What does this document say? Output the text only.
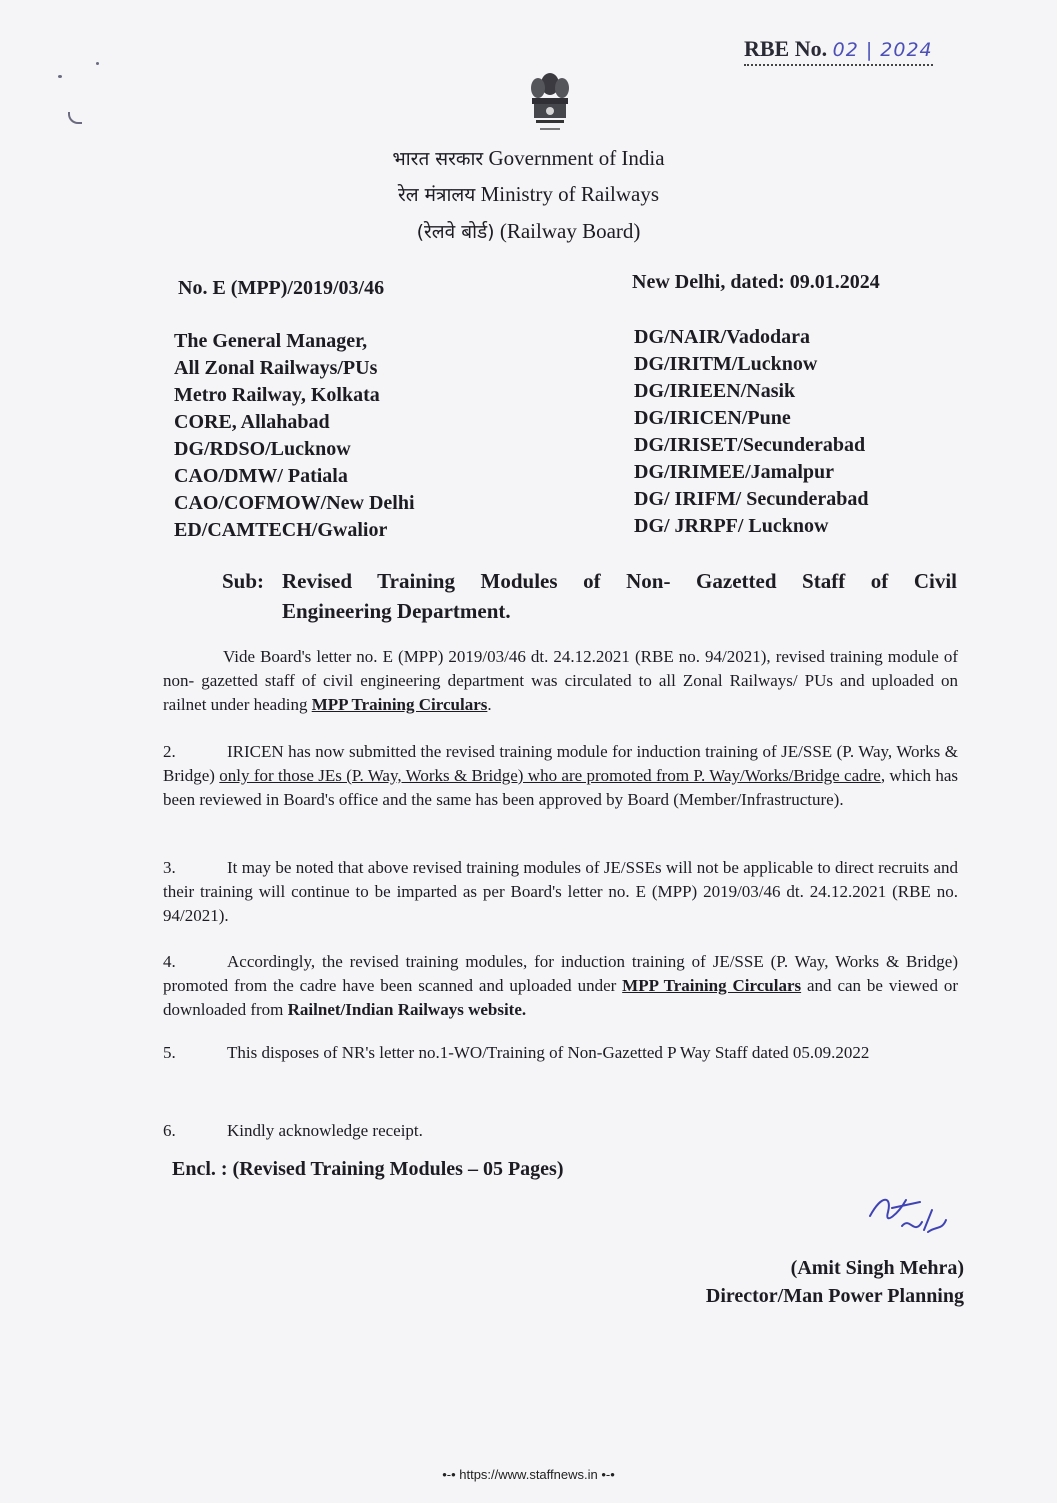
RBE No. 02 | 2024
भारत सरकार Government of India
रेल मंत्रालय Ministry of Railways
(रेलवे बोर्ड) (Railway Board)
No. E (MPP)/2019/03/46	New Delhi, dated: 09.01.2024
The General Manager,
All Zonal Railways/PUs
Metro Railway, Kolkata
CORE, Allahabad
DG/RDSO/Lucknow
CAO/DMW/ Patiala
CAO/COFMOW/New Delhi
ED/CAMTECH/Gwalior
DG/NAIR/Vadodara
DG/IRITM/Lucknow
DG/IRIEEN/Nasik
DG/IRICEN/Pune
DG/IRISET/Secunderabad
DG/IRIMEE/Jamalpur
DG/ IRIFM/ Secunderabad
DG/ JRRPF/ Lucknow
Sub: Revised Training Modules of Non- Gazetted Staff of Civil
Engineering Department.

Vide Board's letter no. E (MPP) 2019/03/46 dt. 24.12.2021 (RBE no. 94/2021), revised training module of non- gazetted staff of civil engineering department was circulated to all Zonal Railways/ PUs and uploaded on railnet under heading MPP Training Circulars.

2.	IRICEN has now submitted the revised training module for induction training of JE/SSE (P. Way, Works & Bridge) only for those JEs (P. Way, Works & Bridge) who are promoted from P. Way/Works/Bridge cadre, which has been reviewed in Board's office and the same has been approved by Board (Member/Infrastructure).

3.	It may be noted that above revised training modules of JE/SSEs will not be applicable to direct recruits and their training will continue to be imparted as per Board's letter no. E (MPP) 2019/03/46 dt. 24.12.2021 (RBE no. 94/2021).

4.	Accordingly, the revised training modules, for induction training of JE/SSE (P. Way, Works & Bridge) promoted from the cadre have been scanned and uploaded under MPP Training Circulars and can be viewed or downloaded from Railnet/Indian Railways website.

5.	This disposes of NR's letter no.1-WO/Training of Non-Gazetted P Way Staff dated 05.09.2022

6.	Kindly acknowledge receipt.

Encl. : (Revised Training Modules – 05 Pages)
(Amit Singh Mehra)
Director/Man Power Planning
•-• https://www.staffnews.in •-•
